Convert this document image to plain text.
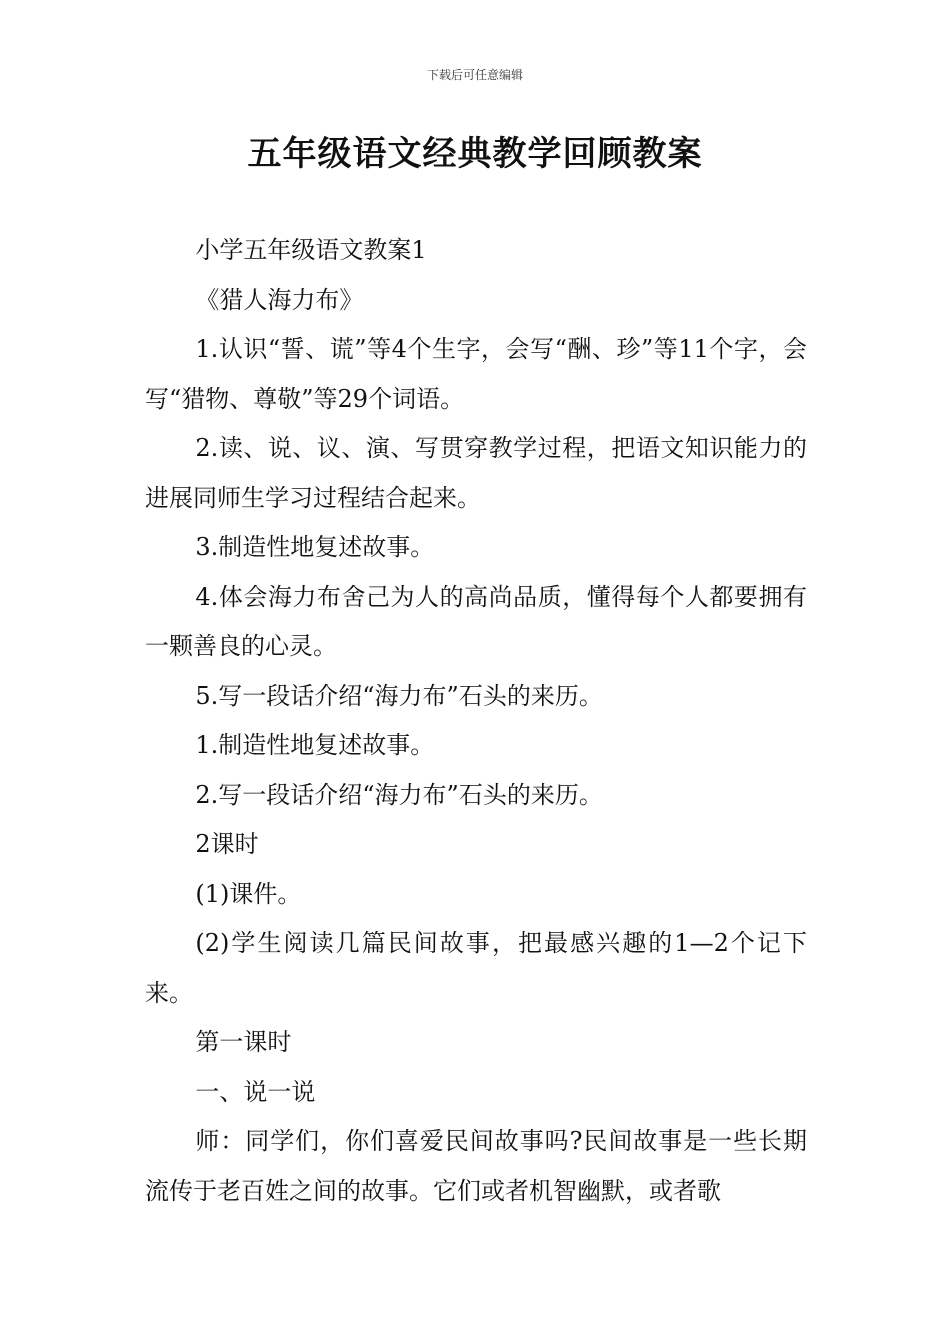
下载后可任意编辑
五年级语文经典教学回顾教案

小学五年级语文教案1

《猎人海力布》

1.认识“誓、谎”等4个生字，会写“酬、珍”等11个字，会写“猎物、尊敬”等29个词语。

2.读、说、议、演、写贯穿教学过程，把语文知识能力的进展同师生学习过程结合起来。

3.制造性地复述故事。

4.体会海力布舍己为人的高尚品质，懂得每个人都要拥有一颗善良的心灵。

5.写一段话介绍“海力布”石头的来历。

1.制造性地复述故事。

2.写一段话介绍“海力布”石头的来历。

2课时

(1)课件。

(2)学生阅读几篇民间故事，把最感兴趣的1—2个记下来。

第一课时

一、说一说

师：同学们，你们喜爱民间故事吗?民间故事是一些长期流传于老百姓之间的故事。它们或者机智幽默，或者歌
